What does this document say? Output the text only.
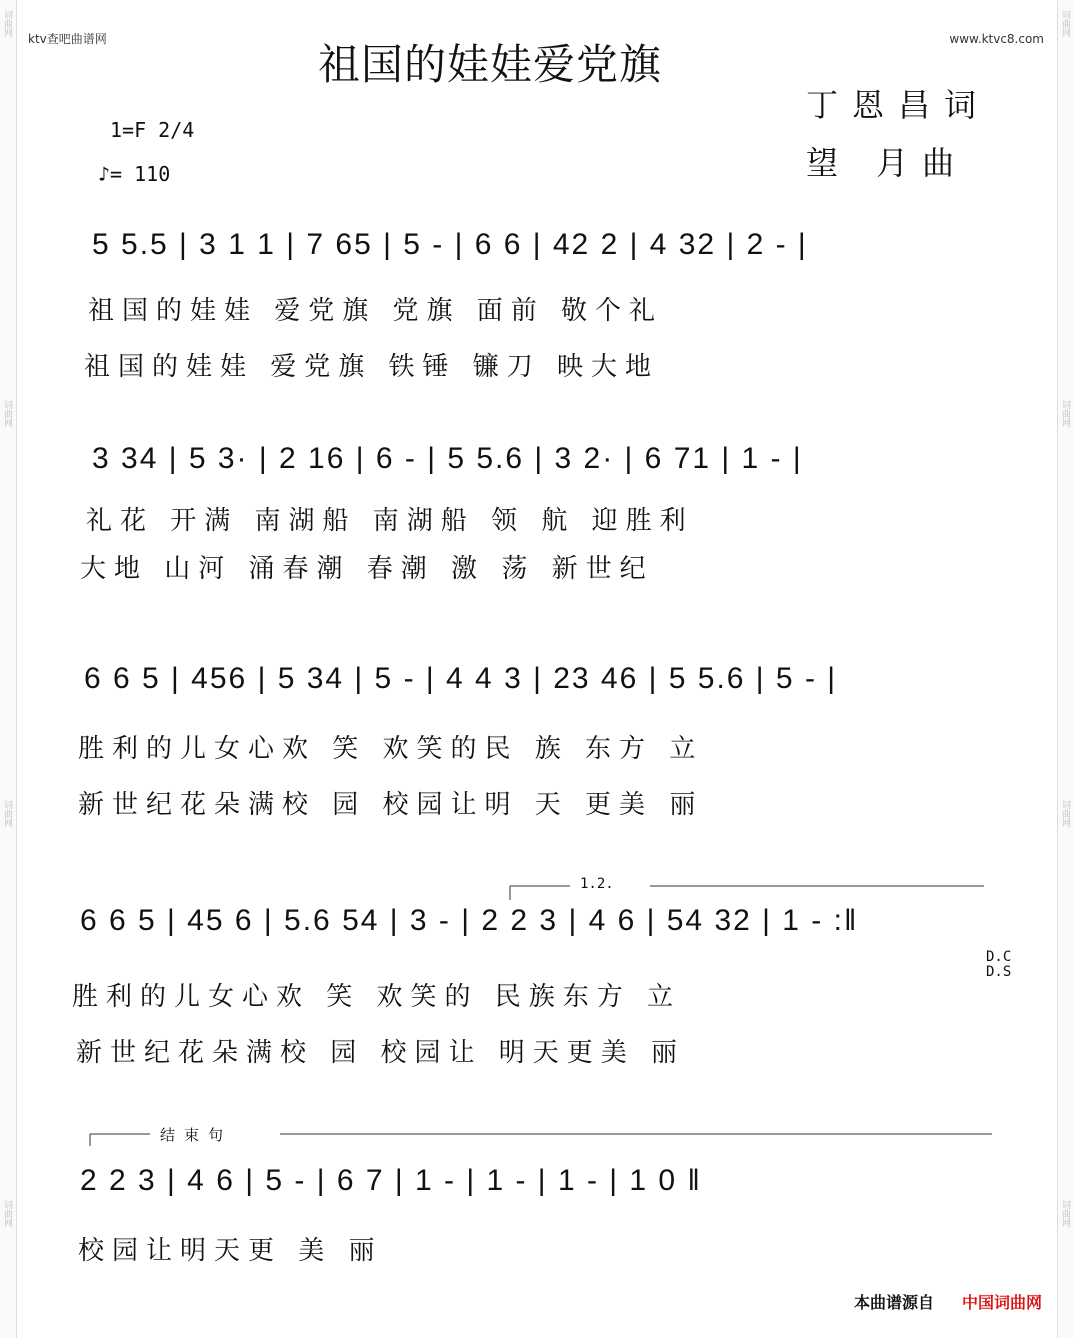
词曲网
词曲网
词曲网
词曲网
词曲网
词曲网
词曲网
词曲网
ktv查吧曲谱网	www.ktvc8.com
祖国的娃娃爱党旗
丁恩昌词
望 月曲
1=F 2/4
♪= 110
5 5.5 | 3 1 1 | 7 65 | 5 - | 6 6 | 42 2 | 4 32 | 2 - |
祖国的娃娃 爱党旗 党旗 面前 敬个礼
祖国的娃娃 爱党旗 铁锤 镰刀 映大地
3 34 | 5 3· | 2 16 | 6 - | 5 5.6 | 3 2· | 6 71 | 1 - |
礼花 开满 南湖船 南湖船 领 航 迎胜利
大地 山河 涌春潮 春潮 激 荡 新世纪
6 6 5 | 456 | 5 34 | 5 - | 4 4 3 | 23 46 | 5 5.6 | 5 - |
胜利的儿女心欢 笑 欢笑的民 族 东方 立
新世纪花朵满校 园 校园让明 天 更美 丽
1.2.
6 6 5 | 45 6 | 5.6 54 | 3 - | 2 2 3 | 4 6 | 54 32 | 1 - :‖
D.C D.S
胜利的儿女心欢 笑 欢笑的 民族东方 立
新世纪花朵满校 园 校园让 明天更美 丽
结 束 句
2 2 3 | 4 6 | 5 - | 6 7 | 1 - | 1 - | 1 - | 1 0 ‖
校园让明天更 美 丽
本曲谱源自 中国词曲网
